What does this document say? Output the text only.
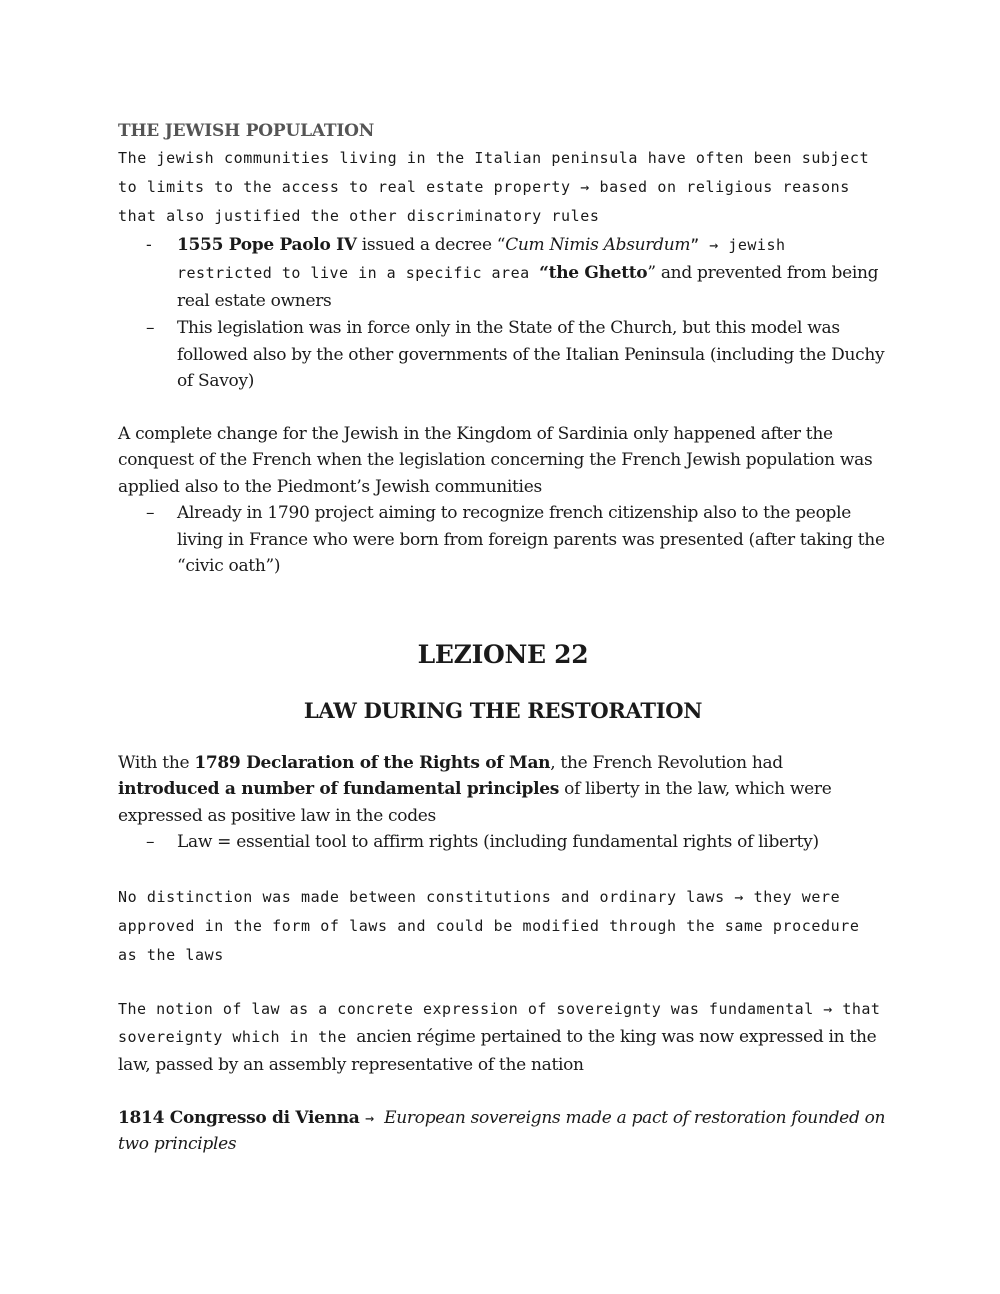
THE JEWISH POPULATION

The jewish communities living in the Italian peninsula have often been subject to limits to the access to real estate property → based on religious reasons that also justified the other discriminatory rules

- 1555 Pope Paolo IV issued a decree “Cum Nimis Absurdum” → jewish restricted to live in a specific area “the Ghetto” and prevented from being real estate owners
– This legislation was in force only in the State of the Church, but this model was followed also by the other governments of the Italian Peninsula (including the Duchy of Savoy)

A complete change for the Jewish in the Kingdom of Sardinia only happened after the conquest of the French when the legislation concerning the French Jewish population was applied also to the Piedmont’s Jewish communities

– Already in 1790 project aiming to recognize french citizenship also to the people living in France who were born from foreign parents was presented (after taking the “civic oath”)
LEZIONE 22
LAW DURING THE RESTORATION

With the 1789 Declaration of the Rights of Man, the French Revolution had introduced a number of fundamental principles of liberty in the law, which were expressed as positive law in the codes

– Law = essential tool to affirm rights (including fundamental rights of liberty)

No distinction was made between constitutions and ordinary laws → they were approved in the form of laws and could be modified through the same procedure as the laws

The notion of law as a concrete expression of sovereignty was fundamental → that sovereignty which in the ancien régime pertained to the king was now expressed in the law, passed by an assembly representative of the nation

1814 Congresso di Vienna → European sovereigns made a pact of restoration founded on two principles
